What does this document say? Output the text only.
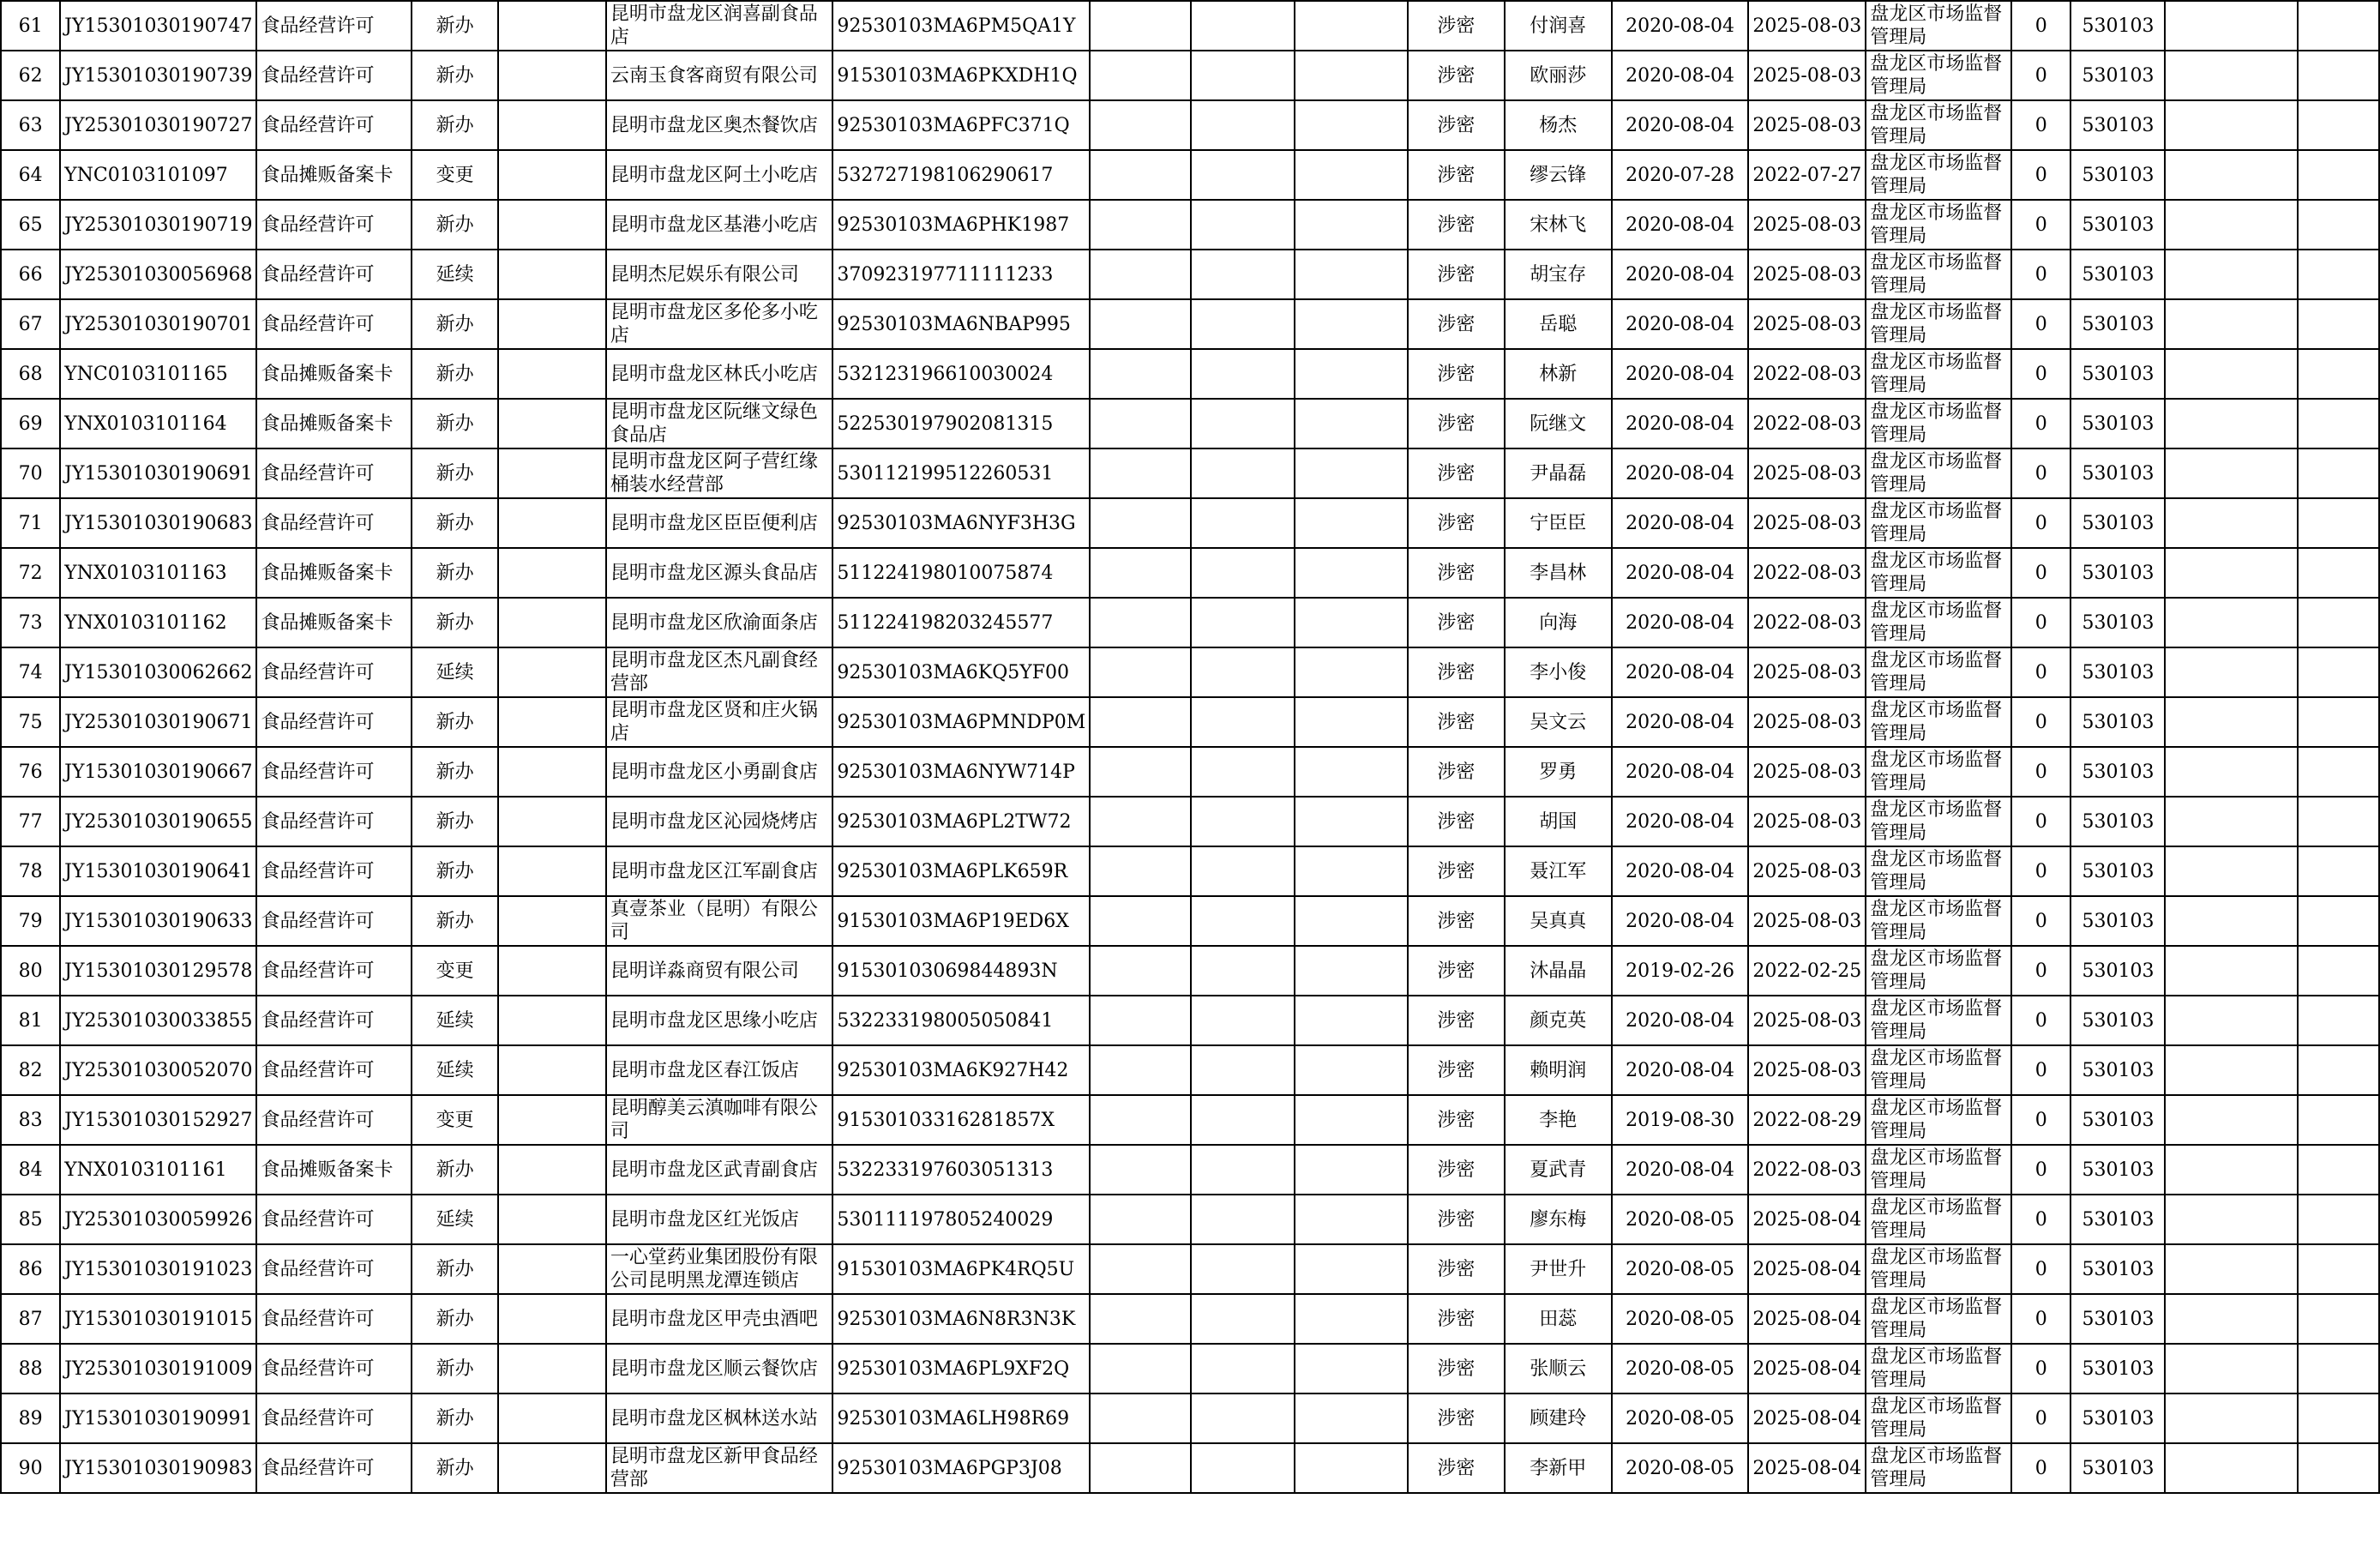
61	JY15301030190747	食品经营许可	新办		昆明市盘龙区润喜副食品店	92530103MA6PM5QA1Y				涉密	付润喜	2020-08-04	2025-08-03	盘龙区市场监督管理局	0	530103		
62	JY15301030190739	食品经营许可	新办		云南玉食客商贸有限公司	91530103MA6PKXDH1Q				涉密	欧丽莎	2020-08-04	2025-08-03	盘龙区市场监督管理局	0	530103		
63	JY25301030190727	食品经营许可	新办		昆明市盘龙区奥杰餐饮店	92530103MA6PFC371Q				涉密	杨杰	2020-08-04	2025-08-03	盘龙区市场监督管理局	0	530103		
64	YNC0103101097	食品摊贩备案卡	变更		昆明市盘龙区阿土小吃店	532727198106290617				涉密	缪云锋	2020-07-28	2022-07-27	盘龙区市场监督管理局	0	530103		
65	JY25301030190719	食品经营许可	新办		昆明市盘龙区基港小吃店	92530103MA6PHK1987				涉密	宋林飞	2020-08-04	2025-08-03	盘龙区市场监督管理局	0	530103		
66	JY25301030056968	食品经营许可	延续		昆明杰尼娱乐有限公司	370923197711111233				涉密	胡宝存	2020-08-04	2025-08-03	盘龙区市场监督管理局	0	530103		
67	JY25301030190701	食品经营许可	新办		昆明市盘龙区多伦多小吃店	92530103MA6NBAP995				涉密	岳聪	2020-08-04	2025-08-03	盘龙区市场监督管理局	0	530103		
68	YNC0103101165	食品摊贩备案卡	新办		昆明市盘龙区林氏小吃店	532123196610030024				涉密	林新	2020-08-04	2022-08-03	盘龙区市场监督管理局	0	530103		
69	YNX0103101164	食品摊贩备案卡	新办		昆明市盘龙区阮继文绿色食品店	522530197902081315				涉密	阮继文	2020-08-04	2022-08-03	盘龙区市场监督管理局	0	530103		
70	JY15301030190691	食品经营许可	新办		昆明市盘龙区阿子营红缘桶装水经营部	530112199512260531				涉密	尹晶磊	2020-08-04	2025-08-03	盘龙区市场监督管理局	0	530103		
71	JY15301030190683	食品经营许可	新办		昆明市盘龙区臣臣便利店	92530103MA6NYF3H3G				涉密	宁臣臣	2020-08-04	2025-08-03	盘龙区市场监督管理局	0	530103		
72	YNX0103101163	食品摊贩备案卡	新办		昆明市盘龙区源头食品店	511224198010075874				涉密	李昌林	2020-08-04	2022-08-03	盘龙区市场监督管理局	0	530103		
73	YNX0103101162	食品摊贩备案卡	新办		昆明市盘龙区欣渝面条店	511224198203245577				涉密	向海	2020-08-04	2022-08-03	盘龙区市场监督管理局	0	530103		
74	JY15301030062662	食品经营许可	延续		昆明市盘龙区杰凡副食经营部	92530103MA6KQ5YF00				涉密	李小俊	2020-08-04	2025-08-03	盘龙区市场监督管理局	0	530103		
75	JY25301030190671	食品经营许可	新办		昆明市盘龙区贤和庄火锅店	92530103MA6PMNDP0M				涉密	吴文云	2020-08-04	2025-08-03	盘龙区市场监督管理局	0	530103		
76	JY15301030190667	食品经营许可	新办		昆明市盘龙区小勇副食店	92530103MA6NYW714P				涉密	罗勇	2020-08-04	2025-08-03	盘龙区市场监督管理局	0	530103		
77	JY25301030190655	食品经营许可	新办		昆明市盘龙区沁园烧烤店	92530103MA6PL2TW72				涉密	胡国	2020-08-04	2025-08-03	盘龙区市场监督管理局	0	530103		
78	JY15301030190641	食品经营许可	新办		昆明市盘龙区江军副食店	92530103MA6PLK659R				涉密	聂江军	2020-08-04	2025-08-03	盘龙区市场监督管理局	0	530103		
79	JY15301030190633	食品经营许可	新办		真壹茶业（昆明）有限公司	91530103MA6P19ED6X				涉密	吴真真	2020-08-04	2025-08-03	盘龙区市场监督管理局	0	530103		
80	JY15301030129578	食品经营许可	变更		昆明详淼商贸有限公司	91530103069844893N				涉密	沐晶晶	2019-02-26	2022-02-25	盘龙区市场监督管理局	0	530103		
81	JY25301030033855	食品经营许可	延续		昆明市盘龙区思缘小吃店	532233198005050841				涉密	颜克英	2020-08-04	2025-08-03	盘龙区市场监督管理局	0	530103		
82	JY25301030052070	食品经营许可	延续		昆明市盘龙区春江饭店	92530103MA6K927H42				涉密	赖明润	2020-08-04	2025-08-03	盘龙区市场监督管理局	0	530103		
83	JY15301030152927	食品经营许可	变更		昆明醇美云滇咖啡有限公司	91530103316281857X				涉密	李艳	2019-08-30	2022-08-29	盘龙区市场监督管理局	0	530103		
84	YNX0103101161	食品摊贩备案卡	新办		昆明市盘龙区武青副食店	532233197603051313				涉密	夏武青	2020-08-04	2022-08-03	盘龙区市场监督管理局	0	530103		
85	JY25301030059926	食品经营许可	延续		昆明市盘龙区红光饭店	530111197805240029				涉密	廖东梅	2020-08-05	2025-08-04	盘龙区市场监督管理局	0	530103		
86	JY15301030191023	食品经营许可	新办		一心堂药业集团股份有限公司昆明黑龙潭连锁店	91530103MA6PK4RQ5U				涉密	尹世升	2020-08-05	2025-08-04	盘龙区市场监督管理局	0	530103		
87	JY15301030191015	食品经营许可	新办		昆明市盘龙区甲壳虫酒吧	92530103MA6N8R3N3K				涉密	田蕊	2020-08-05	2025-08-04	盘龙区市场监督管理局	0	530103		
88	JY25301030191009	食品经营许可	新办		昆明市盘龙区顺云餐饮店	92530103MA6PL9XF2Q				涉密	张顺云	2020-08-05	2025-08-04	盘龙区市场监督管理局	0	530103		
89	JY15301030190991	食品经营许可	新办		昆明市盘龙区枫林送水站	92530103MA6LH98R69				涉密	顾建玲	2020-08-05	2025-08-04	盘龙区市场监督管理局	0	530103		
90	JY15301030190983	食品经营许可	新办		昆明市盘龙区新甲食品经营部	92530103MA6PGP3J08				涉密	李新甲	2020-08-05	2025-08-04	盘龙区市场监督管理局	0	530103		
